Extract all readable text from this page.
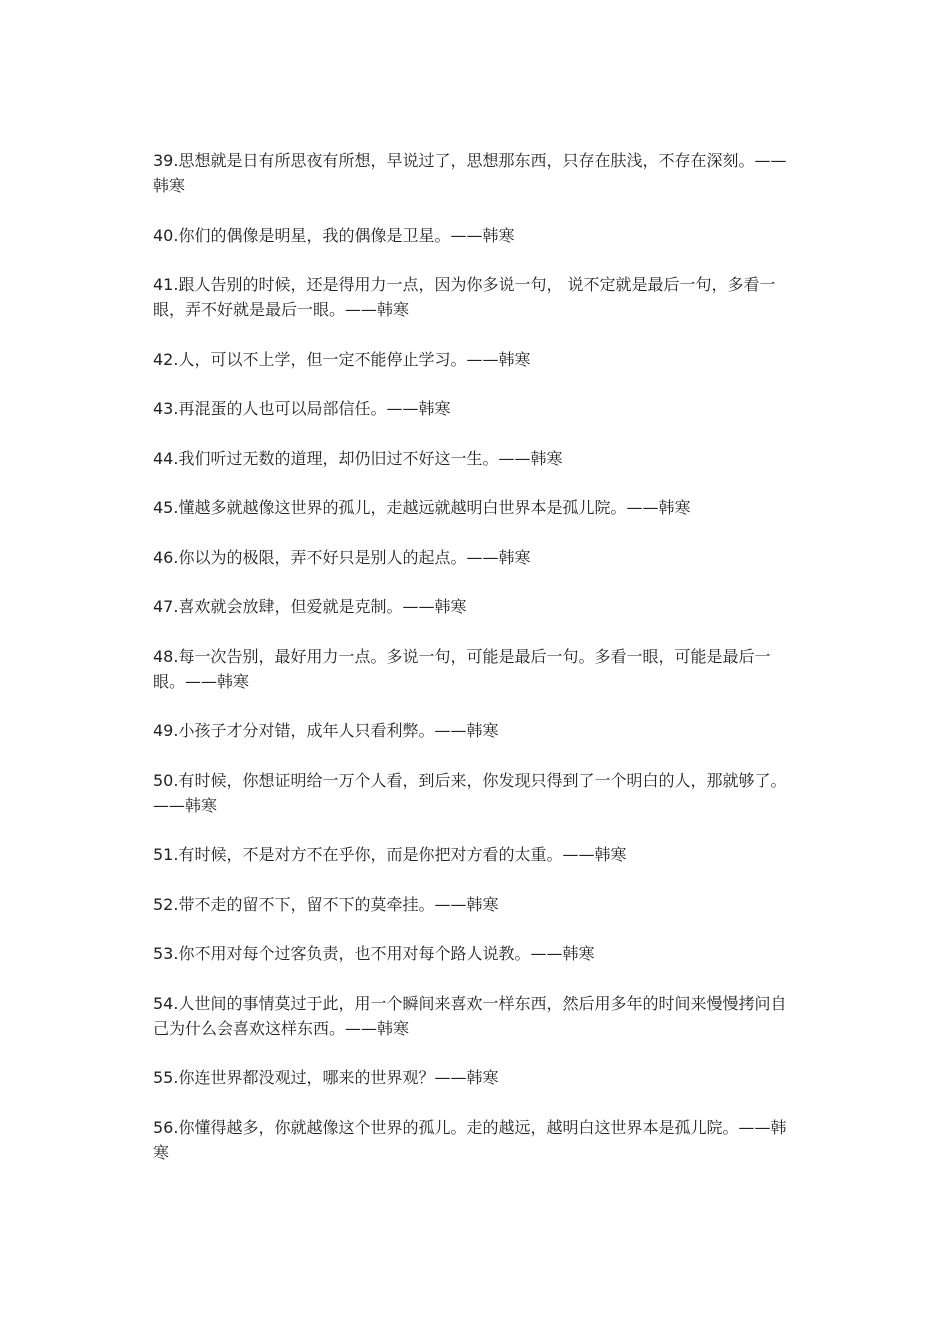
39.思想就是日有所思夜有所想，早说过了，思想那东西，只存在肤浅，不存在深刻。——韩寒

40.你们的偶像是明星，我的偶像是卫星。——韩寒

41.跟人告别的时候，还是得用力一点，因为你多说一句， 说不定就是最后一句，多看一眼，弄不好就是最后一眼。——韩寒

42.人，可以不上学，但一定不能停止学习。——韩寒

43.再混蛋的人也可以局部信任。——韩寒

44.我们听过无数的道理，却仍旧过不好这一生。——韩寒

45.懂越多就越像这世界的孤儿，走越远就越明白世界本是孤儿院。——韩寒

46.你以为的极限，弄不好只是别人的起点。——韩寒

47.喜欢就会放肆，但爱就是克制。——韩寒

48.每一次告别，最好用力一点。多说一句，可能是最后一句。多看一眼，可能是最后一眼。——韩寒

49.小孩子才分对错，成年人只看利弊。——韩寒

50.有时候，你想证明给一万个人看，到后来，你发现只得到了一个明白的人，那就够了。——韩寒

51.有时候，不是对方不在乎你，而是你把对方看的太重。——韩寒

52.带不走的留不下，留不下的莫牵挂。——韩寒

53.你不用对每个过客负责，也不用对每个路人说教。——韩寒

54.人世间的事情莫过于此，用一个瞬间来喜欢一样东西，然后用多年的时间来慢慢拷问自己为什么会喜欢这样东西。——韩寒

55.你连世界都没观过，哪来的世界观？——韩寒

56.你懂得越多，你就越像这个世界的孤儿。走的越远，越明白这世界本是孤儿院。——韩寒
